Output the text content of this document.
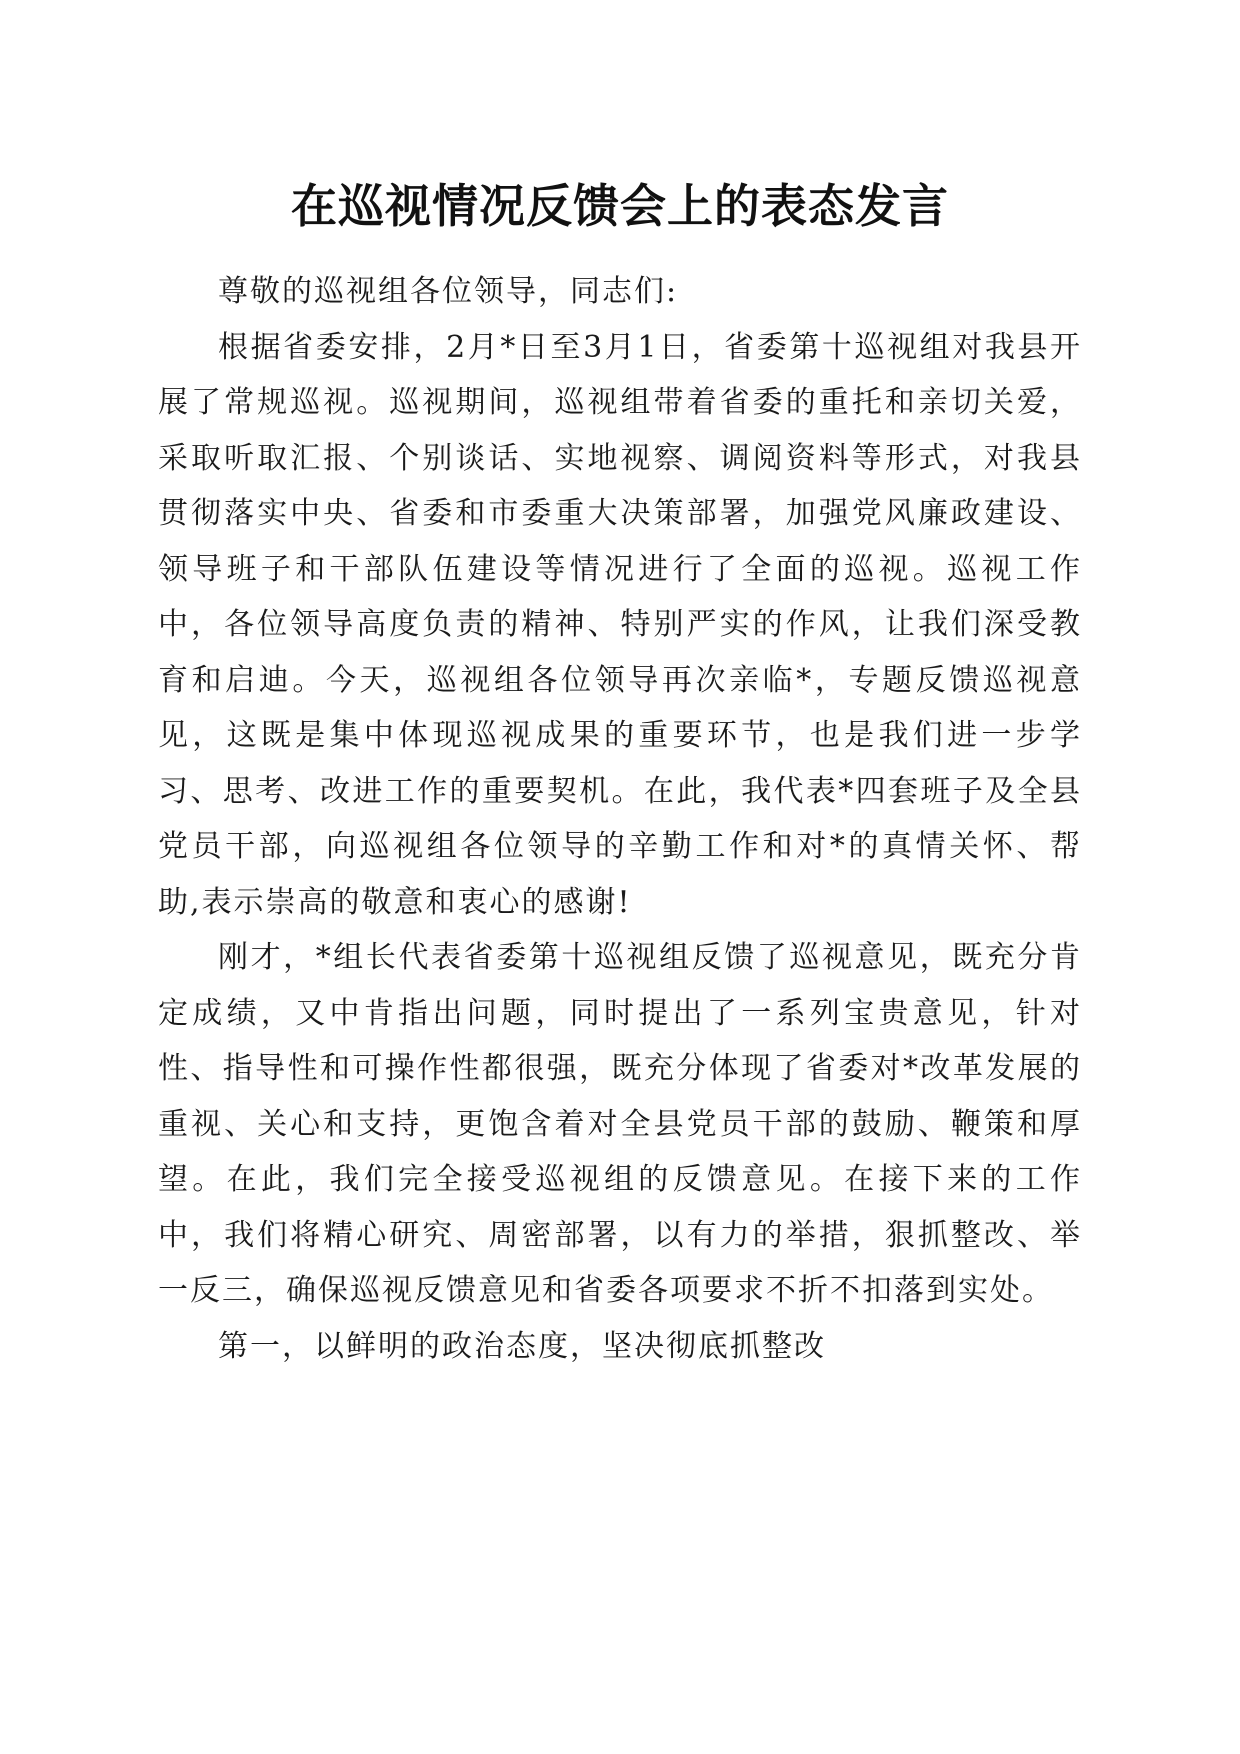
在巡视情况反馈会上的表态发言

尊敬的巡视组各位领导，同志们:

根据省委安排，2月*日至3月1日，省委第十巡视组对我县开展了常规巡视。巡视期间，巡视组带着省委的重托和亲切关爱，采取听取汇报、个别谈话、实地视察、调阅资料等形式，对我县贯彻落实中央、省委和市委重大决策部署，加强党风廉政建设、领导班子和干部队伍建设等情况进行了全面的巡视。巡视工作中，各位领导高度负责的精神、特别严实的作风，让我们深受教育和启迪。今天，巡视组各位领导再次亲临*，专题反馈巡视意见，这既是集中体现巡视成果的重要环节，也是我们进一步学习、思考、改进工作的重要契机。在此，我代表*四套班子及全县党员干部，向巡视组各位领导的辛勤工作和对*的真情关怀、帮助,表示崇高的敬意和衷心的感谢!

刚才，*组长代表省委第十巡视组反馈了巡视意见，既充分肯定成绩，又中肯指出问题，同时提出了一系列宝贵意见，针对性、指导性和可操作性都很强，既充分体现了省委对*改革发展的重视、关心和支持，更饱含着对全县党员干部的鼓励、鞭策和厚望。在此，我们完全接受巡视组的反馈意见。在接下来的工作中，我们将精心研究、周密部署，以有力的举措，狠抓整改、举一反三，确保巡视反馈意见和省委各项要求不折不扣落到实处。

第一，以鲜明的政治态度，坚决彻底抓整改
